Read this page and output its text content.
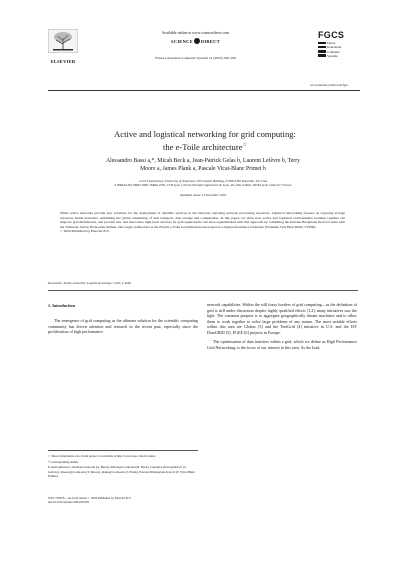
ELSEVIER
Available online at www.sciencedirect.com
SCIENCE DIRECT
Future Generation Computer Systems 21 (2005) 199–208
FGCS
Future
Generation
Computer
Systems
www.elsevier.com/locate/fgcs
Active and logistical networking for grid computing:
the e-Toile architecture☆
Alessandro Bassi a,*, Micah Beck a, Jean-Patrick Gelas b, Laurent Lefèvre b, Terry
Moore a, James Plank a, Pascale Vicat-Blanc Primet b
a LoCI Laboratory, University of Tennessee, 203 Claxton Building, 37996-3450 Knoxville, TN, USA
b INRIA/LIP (UMR CNRS, INRIA, ENS, UCB Lyon 1) Ecole Normale Supérieure de Lyon, 46, allée d'Italie, 69364 Lyon Cedex 07, France
Available online 14 November 2004
While active networks provide new solutions for the deployment of dynamic services in the network, exposing network processing resources, logistical networking focuses on exposing storage resources inside networks, optimizing the global scheduling of data transport, data storage and computation. In this paper, we show how active and logistical environments working together can improve grid middleware, and provide new and innovative high-level services for grid applications. We have experimented with this approach by combining the Internet Backplane Protocol suite with the Tamanoir Active Node environment. Our target architecture is the French e-Toile Grid infrastructure based on a high performance backbone (Vraiment Trés Haut Débit, VTHD).
© 2004 Published by Elsevier B.V.
Keywords: Active networks; Logistical storage; Grid; e-Toile
1. Introduction

The emergence of grid computing as the ultimate solution for the scientific computing community has driven attention and research in the recent past, especially since the proliferation of high performance

network capabilities. Within the still fuzzy borders of grid computing—as the definition of grid is still under discussion despite highly qualified efforts [1,2], many initiatives saw the light. The common purpose is to aggregate geographically distant machines and to allow them to work together to solve large problems of any nature. The most notable efforts within this area are Globus [3] and the TeraGrid [4] initiative in U.S. and the IST DataGRID [5], EGEE [6] projects in Europe.

The optimisation of data transfers within a grid, which we define as High Performance Grid Networking, is the focus of our interest in this area. As the load,

☆ More information on e-Toile project is available at http://www.urec.cnrs.fr/etoile/.
* Corresponding author.
E-mail addresses: abassi@cs.utk.edu (A. Bassi), mbeck@cs.utk.edu (M. Beck), Laurent.Lefevre@inria.fr (L. Lefèvre), tmoore@cs.utk.edu (T. Moore), plank@cs.utk.edu (J. Plank), Pascale.Primet@ens-lyon.fr (P. Vicat-Blanc Primet).
0167-739X/$ – see front matter © 2004 Published by Elsevier B.V.
doi:10.1016/j.future.2004.09.029
